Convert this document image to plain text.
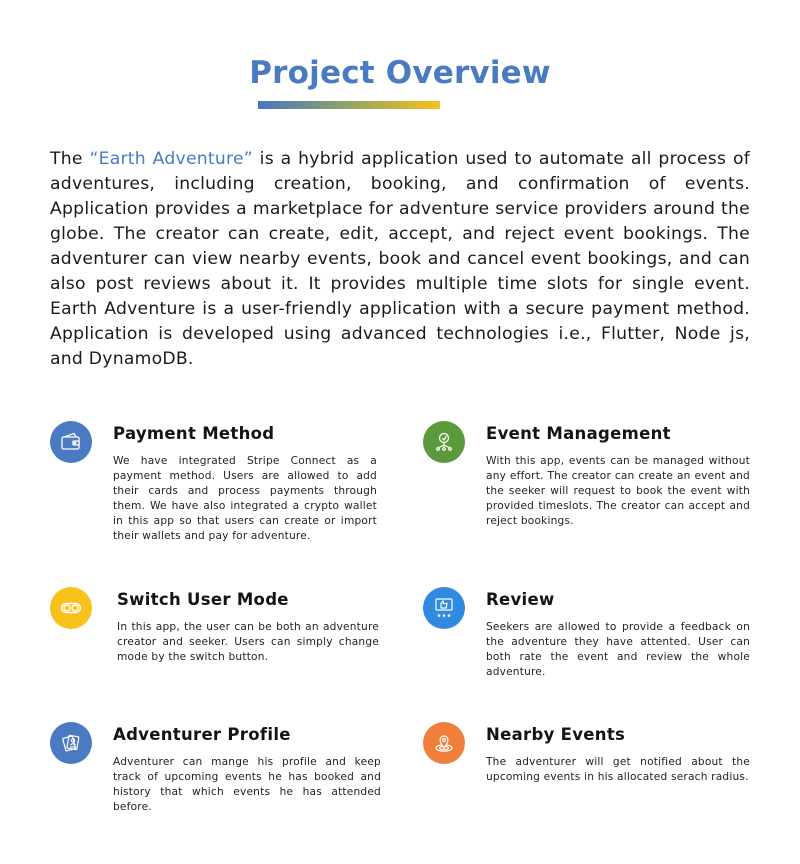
Project Overview

The “Earth Adventure” is a hybrid application used to automate all process of adventures, including creation, booking, and confirmation of events. Application provides a marketplace for adventure service providers around the globe. The creator can create, edit, accept, and reject event bookings. The adventurer can view nearby events, book and cancel event bookings, and can also post reviews about it. It provides multiple time slots for single event. Earth Adventure is a user-friendly application with a secure payment method. Application is developed using advanced technologies i.e., Flutter, Node js, and DynamoDB.

Payment Method
We have integrated Stripe Connect as a payment method. Users are allowed to add their cards and process payments through them. We have also integrated a crypto wallet in this app so that users can create or import their wallets and pay for adventure.
Event Management
With this app, events can be managed without any effort. The creator can create an event and the seeker will request to book the event with provided timeslots. The creator can accept and reject bookings.
Switch User Mode
In this app, the user can be both an adventure creator and seeker. Users can simply change mode by the switch button.
Review
Seekers are allowed to provide a feedback on the adventure they have attented. User can both rate the event and review the whole adventure.
Adventurer Profile
Adventurer can mange his profile and keep track of upcoming events he has booked and history that which events he has attended before.
Nearby Events
The adventurer will get notified about the upcoming events in his allocated serach radius.
